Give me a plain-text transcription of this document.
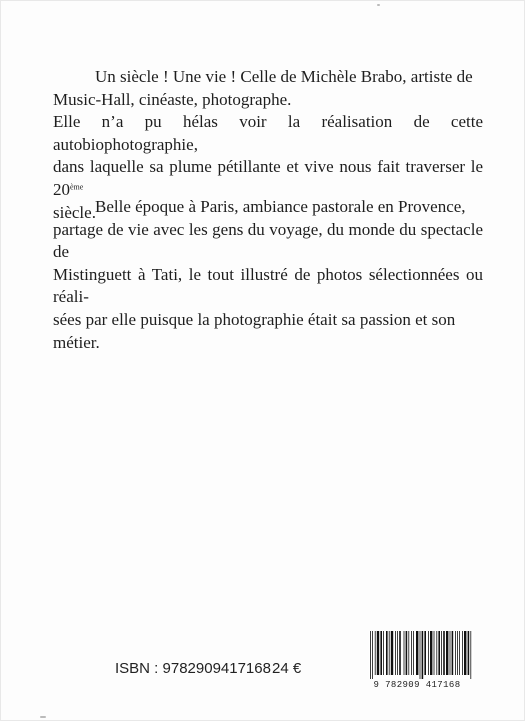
Un siècle ! Une vie ! Celle de Michèle Brabo, artiste de

Music-Hall, cinéaste, photographe.

Elle n’a pu hélas voir la réalisation de cette autobiophotographie,

dans laquelle sa plume pétillante et vive nous fait traverser le 20ème

siècle. Belle époque à Paris, ambiance pastorale en Provence,

partage de vie avec les gens du voyage, du monde du spectacle de

Mistinguett à Tati, le tout illustré de photos sélectionnées ou réali-

sées par elle puisque la photographie était sa passion et son métier.

ISBN : 9782909417168 24 €
9 782909 417168
